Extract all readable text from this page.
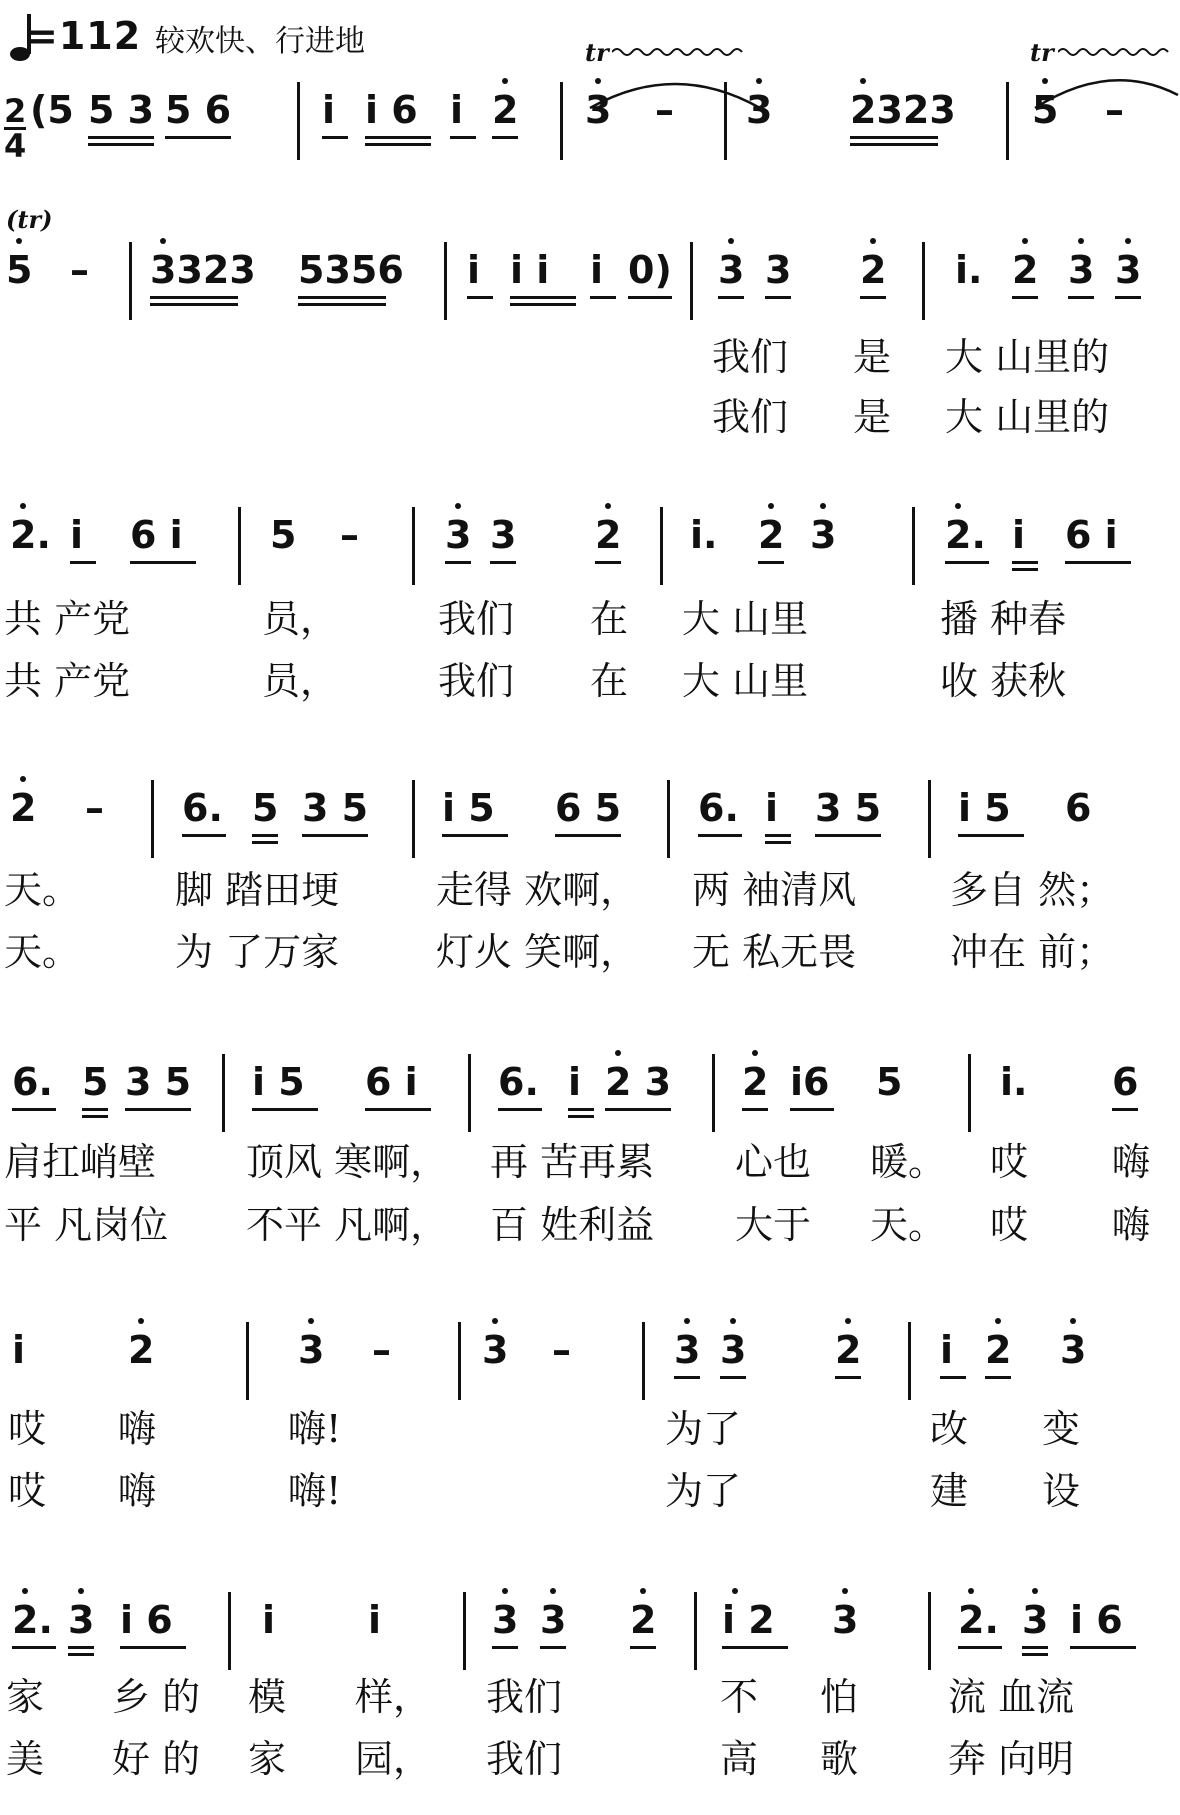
=112 较欢快、行进地
2
4
tr	tr
(tr)
(5 5 3 5 6 i i 6 i 2 3 – 3 2323 5 –
5 – 3323 5356 i i i i 0) 3 3 2 i. 2 3 3
2. i 6 i 5 – 3 3 2 i. 2 3	2. i 6 i
2 – 6. 5 3 5 i 5 6 5 6. i 3 5 i 5 6
6. 5 3 5 i 5 6 i 6. i 2 3 2 i6 5	i. 6
i	2	3 – 3 –	3 3 2 i 2 3
2. 3 i 6 i i	3 3 2 i 2 3	2. 3 i 6
我们 是 大 山里的
我们 是 大 山里的
共 产党	员，	我们 在 大 山里	播 种春
共 产党	员，	我们 在 大 山里	收 获秋
天。 脚 踏田埂	走得 欢啊， 两 袖清风 多自 然；
天。 为 了万家	灯火 笑啊， 无 私无畏 冲在 前；
肩扛峭壁 顶风 寒啊， 再 苦再累 心也 暖。 哎 嗨
平 凡岗位 不平 凡啊， 百 姓利益 大于 天。 哎 嗨
哎 嗨	嗨!	为了	改 变
哎 嗨	嗨!	为了	建 设
家 乡 的 模 样， 我们	不 怕 流 血流
美 好 的 家 园， 我们	高 歌 奔 向明
